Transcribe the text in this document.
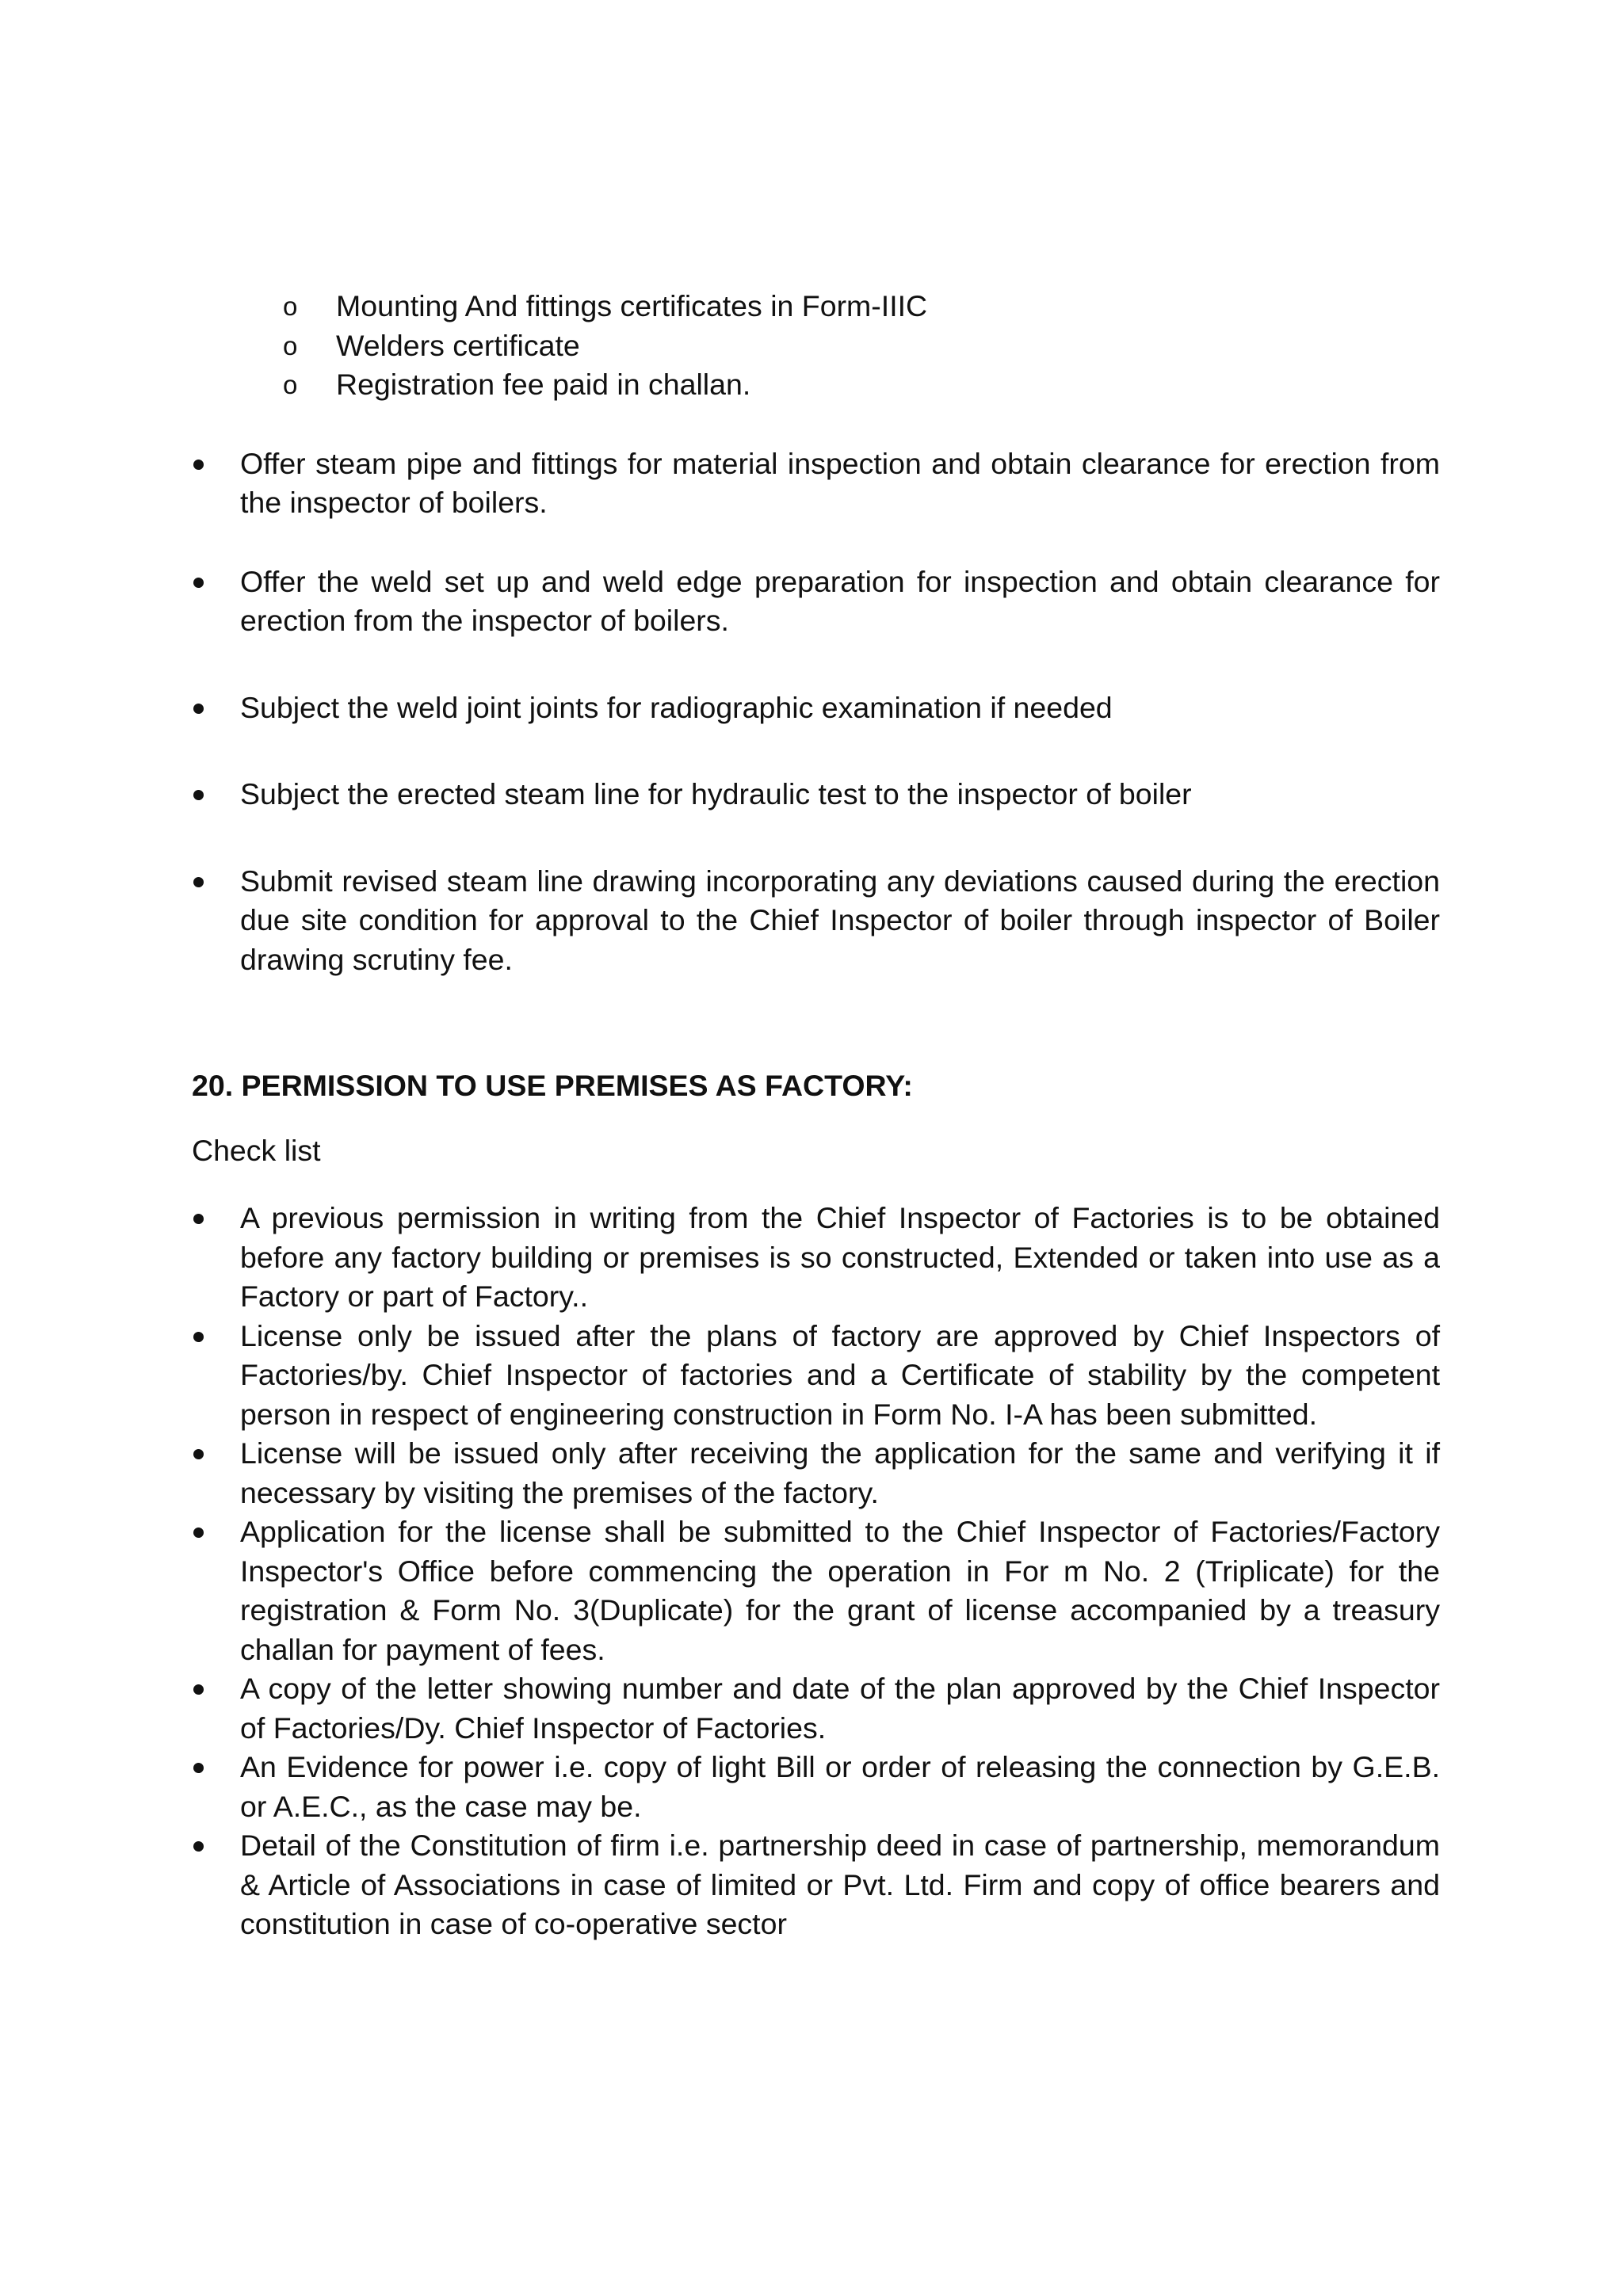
o Mounting And fittings certificates in Form-IIIC
o Welders certificate
o Registration fee paid in challan.
Offer steam pipe and fittings for material inspection and obtain clearance for erection from the inspector of boilers.
Offer the weld set up and weld edge preparation for inspection and obtain clearance for erection from the inspector of boilers.
Subject the weld joint joints for radiographic examination if needed
Subject the erected steam line for hydraulic test to the inspector of boiler
Submit revised steam line drawing incorporating any deviations caused during the erection due site condition for approval to the Chief Inspector of boiler through inspector of Boiler drawing scrutiny fee.
20. PERMISSION TO USE PREMISES AS FACTORY:
Check list
A previous permission in writing from the Chief Inspector of Factories is to be obtained before any factory building or premises is so constructed, Extended or taken into use as a Factory or part of Factory..
License only be issued after the plans of factory are approved by Chief Inspectors of Factories/by. Chief Inspector of factories and a Certificate of stability by the competent person in respect of engineering construction in Form No. I-A has been submitted.
License will be issued only after receiving the application for the same and verifying it if necessary by visiting the premises of the factory.
Application for the license shall be submitted to the Chief Inspector of Factories/Factory Inspector's Office before commencing the operation in For m No. 2 (Triplicate) for the registration & Form No. 3(Duplicate) for the grant of license accompanied by a treasury challan for payment of fees.
A copy of the letter showing number and date of the plan approved by the Chief Inspector of Factories/Dy. Chief Inspector of Factories.
An Evidence for power i.e. copy of light Bill or order of releasing the connection by G.E.B. or A.E.C., as the case may be.
Detail of the Constitution of firm i.e. partnership deed in case of partnership, memorandum & Article of Associations in case of limited or Pvt. Ltd. Firm and copy of office bearers and constitution in case of co-operative sector
